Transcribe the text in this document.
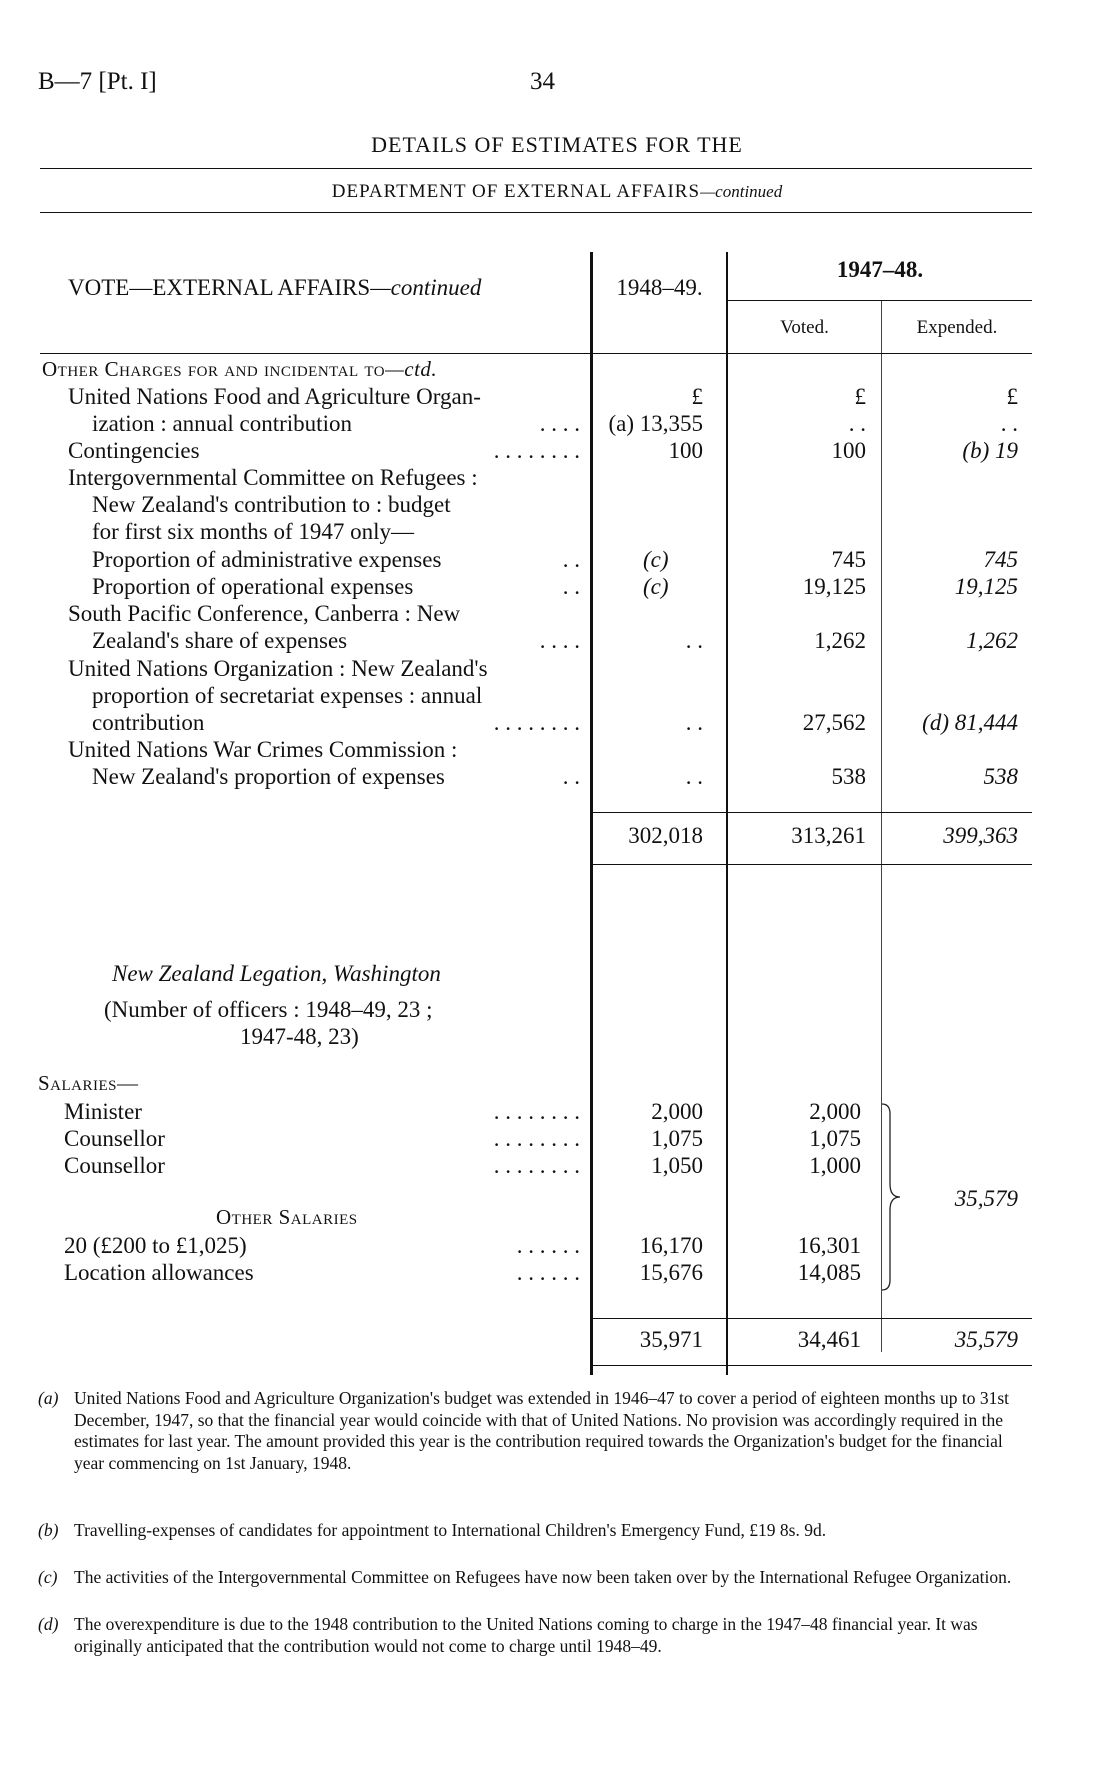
B—7 [Pt. I]	34
DETAILS OF ESTIMATES FOR THE
DEPARTMENT OF EXTERNAL AFFAIRS—continued
VOTE—EXTERNAL AFFAIRS—continued	1948–49.
1947–48.
Voted.	Expended.
Other Charges for and incidental to—ctd.
£	£	£
United Nations Food and Agriculture Organ-
ization : annual contribution	. . . .	(a) 13,355	. .	. .
Contingencies	. . . . . . . .	100	100	(b) 19
Intergovernmental Committee on Refugees :
New Zealand's contribution to : budget
for first six months of 1947 only—
Proportion of administrative expenses	. .	(c)	745	745
Proportion of operational expenses	. .	(c)	19,125	19,125
South Pacific Conference, Canberra : New
Zealand's share of expenses	. . . .	. .	1,262	1,262
United Nations Organization : New Zealand's
proportion of secretariat expenses : annual
contribution	. . . . . . . .	. .	27,562	(d) 81,444
United Nations War Crimes Commission :
New Zealand's proportion of expenses	. .	. .	538	538
302,018	313,261	399,363
New Zealand Legation, Washington
(Number of officers : 1948–49, 23 ;
1947-48, 23)
Salaries—
Minister	. . . . . . . .	2,000	2,000
Counsellor	. . . . . . . .	1,075	1,075
Counsellor	. . . . . . . .	1,050	1,000
Other Salaries
20 (£200 to £1,025)	. . . . . .	16,170	16,301
Location allowances	. . . . . .	15,676	14,085
35,579
35,971	34,461	35,579
(a) United Nations Food and Agriculture Organization's budget was extended in 1946–47 to cover a period of eighteen months up to 31st December, 1947, so that the financial year would coincide with that of United Nations. No provision was accordingly required in the estimates for last year. The amount provided this year is the contribution required towards the Organization's budget for the financial year commencing on 1st January, 1948.
(b) Travelling-expenses of candidates for appointment to International Children's Emergency Fund, £19 8s. 9d.
(c) The activities of the Intergovernmental Committee on Refugees have now been taken over by the International Refugee Organization.
(d) The overexpenditure is due to the 1948 contribution to the United Nations coming to charge in the 1947–48 financial year. It was originally anticipated that the contribution would not come to charge until 1948–49.
